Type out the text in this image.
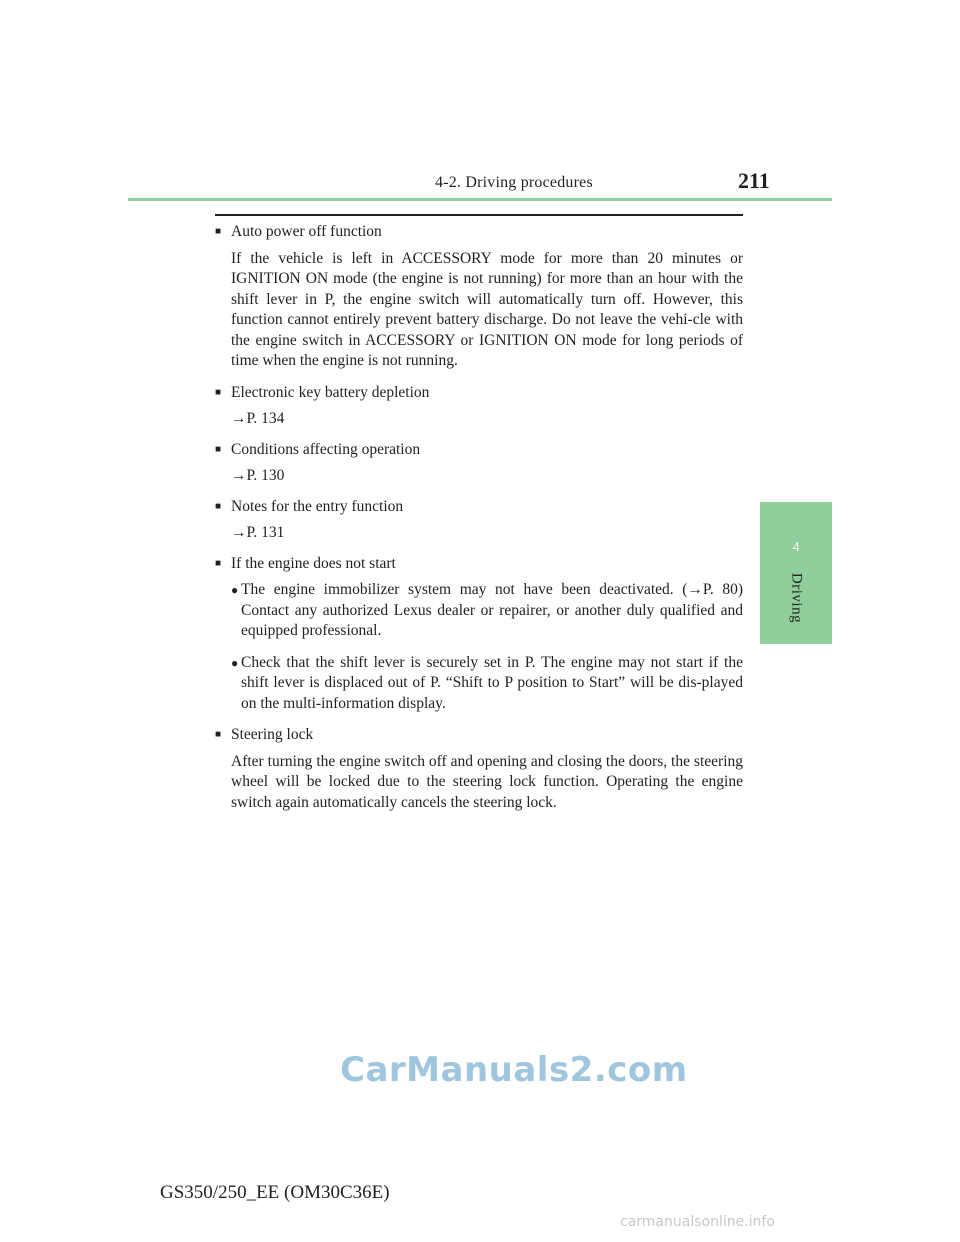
4-2. Driving procedures	211
4
Driving
■ Auto power off function

If the vehicle is left in ACCESSORY mode for more than 20 minutes or IGNITION ON mode (the engine is not running) for more than an hour with the shift lever in P, the engine switch will automatically turn off. However, this function cannot entirely prevent battery discharge. Do not leave the vehi-cle with the engine switch in ACCESSORY or IGNITION ON mode for long periods of time when the engine is not running.

■ Electronic key battery depletion

→P. 134

■ Conditions affecting operation

→P. 130

■ Notes for the entry function

→P. 131

■ If the engine does not start
● The engine immobilizer system may not have been deactivated. (→P. 80) Contact any authorized Lexus dealer or repairer, or another duly qualified and equipped professional.
● Check that the shift lever is securely set in P. The engine may not start if the shift lever is displaced out of P. “Shift to P position to Start” will be dis-played on the multi-information display.
■ Steering lock

After turning the engine switch off and opening and closing the doors, the steering wheel will be locked due to the steering lock function. Operating the engine switch again automatically cancels the steering lock.

CarManuals2.com
GS350/250_EE (OM30C36E)
carmanualsonline.info
